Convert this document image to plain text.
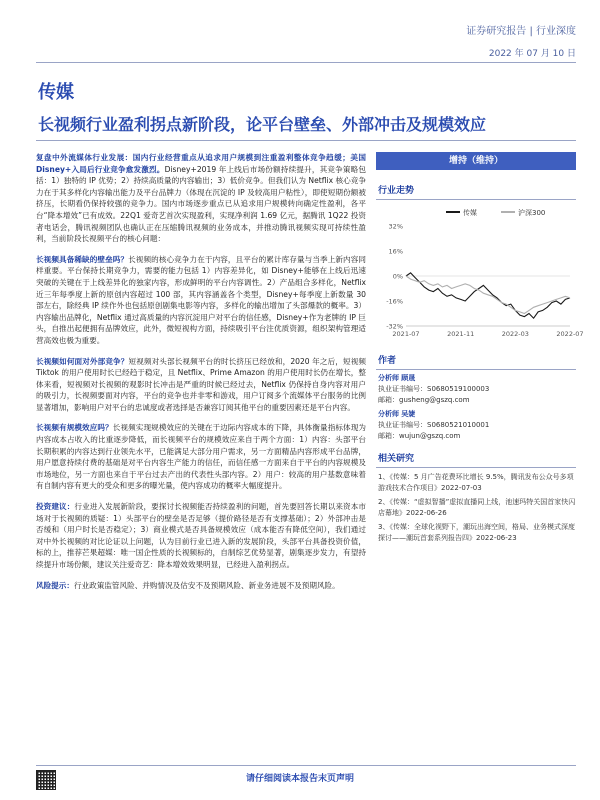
证券研究报告 | 行业深度
2022 年 07 月 10 日
传媒
长视频行业盈利拐点新阶段，论平台壁垒、外部冲击及规模效应

复盘中外流媒体行业发展：国内行业经营重点从追求用户规模到注重盈利整体竞争趋缓；美国 Disney+入局后行业竞争愈发激烈。Disney+2019 年上线后市场份额持续提升，其竞争策略包括：1）独特的 IP 优势；2）持续高质量的内容输出；3）低价竞争。但我们认为 Netflix 核心竞争力在于其多样化内容输出能力及平台品牌力（体现在沉淀的 IP 及较高用户粘性），即使短期份额被挤压，长期看仍保持较强的竞争力。国内市场逐步重点已从追求用户规模转向确定性盈利，各平台“降本增效”已有成效。22Q1 爱奇艺首次实现盈利，实现净利润 1.69 亿元，据腾讯 1Q22 投资者电话会，腾讯视频团队也确认正在压缩腾讯视频的业务成本，并推动腾讯视频实现可持续性盈利，当前阶段长视频平台的核心问题：

长视频具备稀缺的壁垒吗？长视频的核心竞争力在于内容，且平台的累计库存量与当季上新内容同样重要。平台保持长期竞争力，需要的能力包括 1）内容差异化，如 Disney+能够在上线后迅速突破的关键在于上线差异化的独家内容，形成鲜明的平台内容调性。2）产品组合多样化，Netflix 近三年每季度上新的原创内容超过 100 部，其内容涵盖各个类型，Disney+每季度上新数量 30 部左右，除经典 IP 续作外也包括原创剧集电影等内容，多样化的输出增加了头部爆款的概率。3）内容输出品牌化，Netflix 通过高质量的内容沉淀用户对平台的信任感，Disney+作为老牌的 IP 巨头，自推出起便拥有品牌效应，此外，微短视构方面，持续吸引平台注优质资源，组织架构管理适营高效也极为重要。

长视频如何面对外部竞争？短视频对头部长视频平台的时长挤压已经放和，2020 年之后，短视频 Tiktok 的用户使用时长已经趋于稳定，且 Netflix、Prime Amazon 的用户使用时长仍在增长，整体来看，短视频对长视频的观影时长冲击是严重的时候已经过去，Netflix 仍保持自身内容对用户的吸引力，长视频要面对内容，平台的竞争也并非零和游戏，用户订阅多个流媒体平台服务的比例显著增加，影响用户对平台的忠诚度或者选择是否兼容订阅其他平台的重要因素还是平台内容。

长视频有规模效应吗？长视频实现规模效应的关键在于边际内容成本的下降，具体衡量指标体现为内容成本占收入的比重逐步降低，而长视频平台的规模效应来自于两个方面：1）内容：头部平台长期积累的内容达到行业领先水平，已能满足大部分用户需求，另一方面精品内容形成平台品牌，用户愿意持续付费的基础是对平台内容生产能力的信任，而信任感一方面来自于平台的内容规模及市场地位，另一方面也来自于平台过去产出的代表性头部内容。2）用户：较高的用户基数意味着有自制内容有更大的受众和更多的曝光量，使内容成功的概率大幅度提升。

投资建议：行业进入发展新阶段，要探讨长视频能否持续盈利的问题，首先要回答长期以来资本市场对于长视频的质疑：1）头部平台的壁垒是否足够（提价路径是否有支撑基础）；2）外部冲击是否缓和（用户时长是否稳定）；3）商业模式是否具备规模效应（成本能否有降低空间），我们通过对中外长视频的对比论证以上问题，认为目前行业已进入新的发展阶段，头部平台具备投资价值，标的上，推荐芒果超媒：唯一国企性质的长视频标的，自制综艺优势显著，剧集逐步发力，有望持续提升市场份额，建议关注爱奇艺：降本增效效果明显，已经进入盈利拐点。

风险提示：行业政策监管风险、并购情况及估安不及预期风险、新业务进展不及预期风险。

增持（维持）
行业走势
传媒	沪深300
32%
16%
0%
-16%
-32%
2021-07	2021-11	2022-03	2022-07
作者
分析师 顾晟
执业证书编号：S0680519100003
邮箱：gusheng@gszq.com
分析师 吴婕
执业证书编号：S0680521010001
邮箱：wujun@gszq.com
相关研究
1、《传媒：5 月广告花费环比增长 9.5%，腾讯发布公众号多项游戏技术合作项目》2022-07-03
2、《传媒：“虚拟智播”虚拟直播同上线，池速玛特关国首家快闪店幕地》2022-06-26
3、《传媒：全球化视野下，潮玩出海空间，格局、业务模式深度探讨——潮玩首套系列报告四》2022-06-23
请仔细阅读本报告末页声明
